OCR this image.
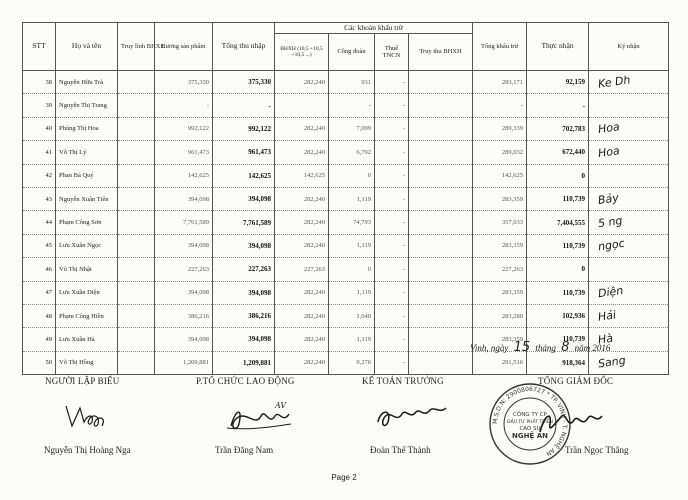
STT	Họ và tên	Truy lĩnh BHXH	Lương sản phẩm	Tổng thu nhập	Các khoản khấu trừ				Tổng khấu trừ	Thực nhận	Ký nhận
					BHXH (10,5 +10,5 +10,5 ...)	Công đoàn	Thuế TNCN	Truy thu BHXH			
38	Nguyễn Hữu Trà		375,330	375,330	282,240	931	-		283,171	92,159	Ke Dh
39	Nguyễn Thị Trang		-	-		-	-		-	-	
40	Phùng Thị Hoa		992,122	992,122	282,240	7,099	-		289,339	702,783	Hoa
41	Võ Thị Lý		961,473	961,473	282,240	6,792	-		289,032	672,440	Hoa
42	Phan Bá Quý		142,625	142,625	142,625	0	-		142,625	0	
43	Nguyễn Xuân Tiến		394,098	394,098	282,240	1,119	-		283,359	110,739	Bảy
44	Phạm Công Sơn		7,761,589	7,761,589	282,240	74,793	-		357,033	7,404,555	5 ng
45	Lưu Xuân Ngọc		394,098	394,098	282,240	1,119	-		283,359	110,739	ngọc
46	Võ Thị Nhật		227,263	227,263	227,263	0	-		227,263	0	
47	Lưu Xuân Diện		394,098	394,098	282,240	1,119	-		283,359	110,739	Diện
48	Phạm Công Hiền		386,216	386,216	282,240	1,040	-		283,280	102,936	Hải
49	Lưu Xuân Hà		394,098	394,098	282,240	1,119	-		283,359	110,739	Hà
50	Võ Thị Hồng		1,209,881	1,209,881	282,240	9,276	-		291,516	918,364	Sang
Vinh, ngày 15 tháng 8 năm 2016
NGƯỜI LẬP BIỂU	P.TỔ CHỨC LAO ĐỘNG	KẾ TOÁN TRƯỞNG	TỔNG GIÁM ĐỐC
AV
M.S.D.N: 2900806727 * TP. VINH - T. NGHỆ AN
CÔNG TY CP
ĐẦU TƯ PHÁT TRIỂN
CAO SU
NGHỆ AN
Nguyễn Thị Hoàng Nga	Trần Đăng Nam	Đoàn Thế Thành	Trần Ngọc Thắng
Page 2
